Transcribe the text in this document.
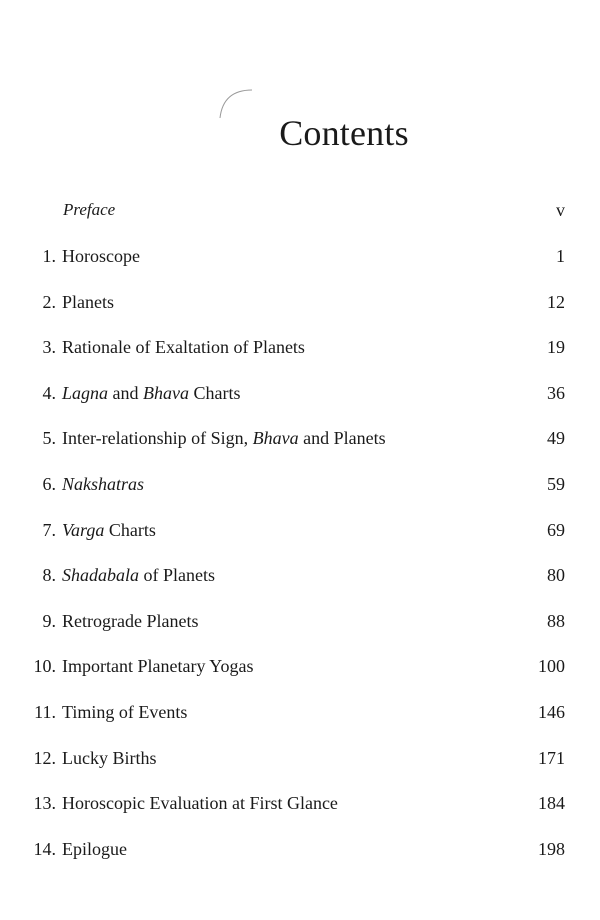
Contents
Preface	v
1. Horoscope	1
2. Planets	12
3. Rationale of Exaltation of Planets	19
4. Lagna and Bhava Charts	36
5. Inter-relationship of Sign, Bhava and Planets	49
6. Nakshatras	59
7. Varga Charts	69
8. Shadabala of Planets	80
9. Retrograde Planets	88
10. Important Planetary Yogas	100
11. Timing of Events	146
12. Lucky Births	171
13. Horoscopic Evaluation at First Glance	184
14. Epilogue	198
